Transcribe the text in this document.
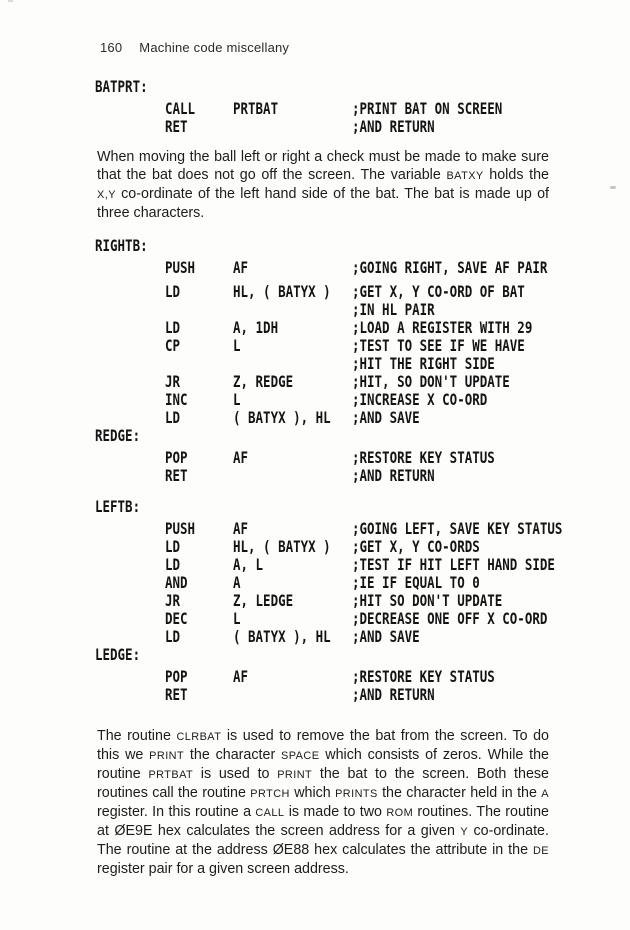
160 Machine code miscellany
BATPRT:
CALL PRTBAT	;PRINT BAT ON SCREEN
RET	;AND RETURN
When moving the ball left or right a check must be made to make sure that the bat does not go off the screen. The variable BATXY holds the X,Y co-ordinate of the left hand side of the bat. The bat is made up of three characters.
RIGHTB:
PUSH AF	;GOING RIGHT, SAVE AF PAIR
LD	HL, ( BATYX ) ;GET X, Y CO-ORD OF BAT
;IN HL PAIR
LD	A, 1DH	;LOAD A REGISTER WITH 29
CP	L	;TEST TO SEE IF WE HAVE
;HIT THE RIGHT SIDE
JR	Z, REDGE	;HIT, SO DON'T UPDATE
INC	L	;INCREASE X CO-ORD
LD	( BATYX ), HL ;AND SAVE
REDGE:
POP	AF	;RESTORE KEY STATUS
RET	;AND RETURN
LEFTB:
PUSH AF	;GOING LEFT, SAVE KEY STATUS
LD	HL, ( BATYX ) ;GET X, Y CO-ORDS
LD	A, L	;TEST IF HIT LEFT HAND SIDE
AND	A	;IE IF EQUAL TO 0
JR	Z, LEDGE	;HIT SO DON'T UPDATE
DEC	L	;DECREASE ONE OFF X CO-ORD
LD	( BATYX ), HL ;AND SAVE
LEDGE:
POP	AF	;RESTORE KEY STATUS
RET	;AND RETURN
The routine CLRBAT is used to remove the bat from the screen. To do this we PRINT the character SPACE which consists of zeros. While the routine PRTBAT is used to PRINT the bat to the screen. Both these routines call the routine PRTCH which PRINTS the character held in the A register. In this routine a CALL is made to two ROM routines. The routine at ØE9E hex calculates the screen address for a given Y co-ordinate. The routine at the address ØE88 hex calculates the attribute in the DE register pair for a given screen address.
